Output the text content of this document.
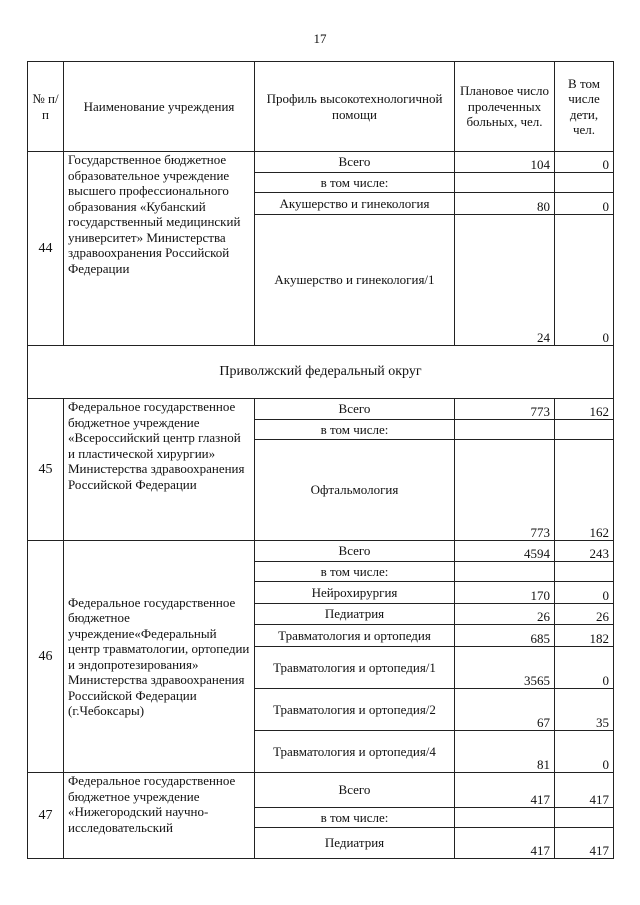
17
№ п/п	Наименование учреждения	Профиль высокотехнологичной помощи	Плановое число пролеченных больных, чел.	В том числе дети, чел.
44	Государственное бюджетное образовательное учреждение высшего профессионального образования «Кубанский государственный медицинский университет» Министерства здравоохранения Российской Федерации	Всего	104	0
		в том числе:		
		Акушерство и гинекология	80	0
		Акушерство и гинекология/1	24	0
Приволжский федеральный округ				
45	Федеральное государственное бюджетное учреждение «Всероссийский центр глазной и пластической хирургии» Министерства здравоохранения Российской Федерации	Всего	773	162
		в том числе:		
		Офтальмология	773	162
46	Федеральное государственное бюджетное учреждение«Федеральный центр травматологии, ортопедии и эндопротезирования» Министерства здравоохранения Российской Федерации (г.Чебоксары)	Всего	4594	243
		в том числе:		
		Нейрохирургия	170	0
		Педиатрия	26	26
		Травматология и ортопедия	685	182
		Травматология и ортопедия/1	3565	0
		Травматология и ортопедия/2	67	35
		Травматология и ортопедия/4	81	0
47	Федеральное государственное бюджетное учреждение «Нижегородский научно-исследовательский	Всего	417	417
		в том числе:		
		Педиатрия	417	417
